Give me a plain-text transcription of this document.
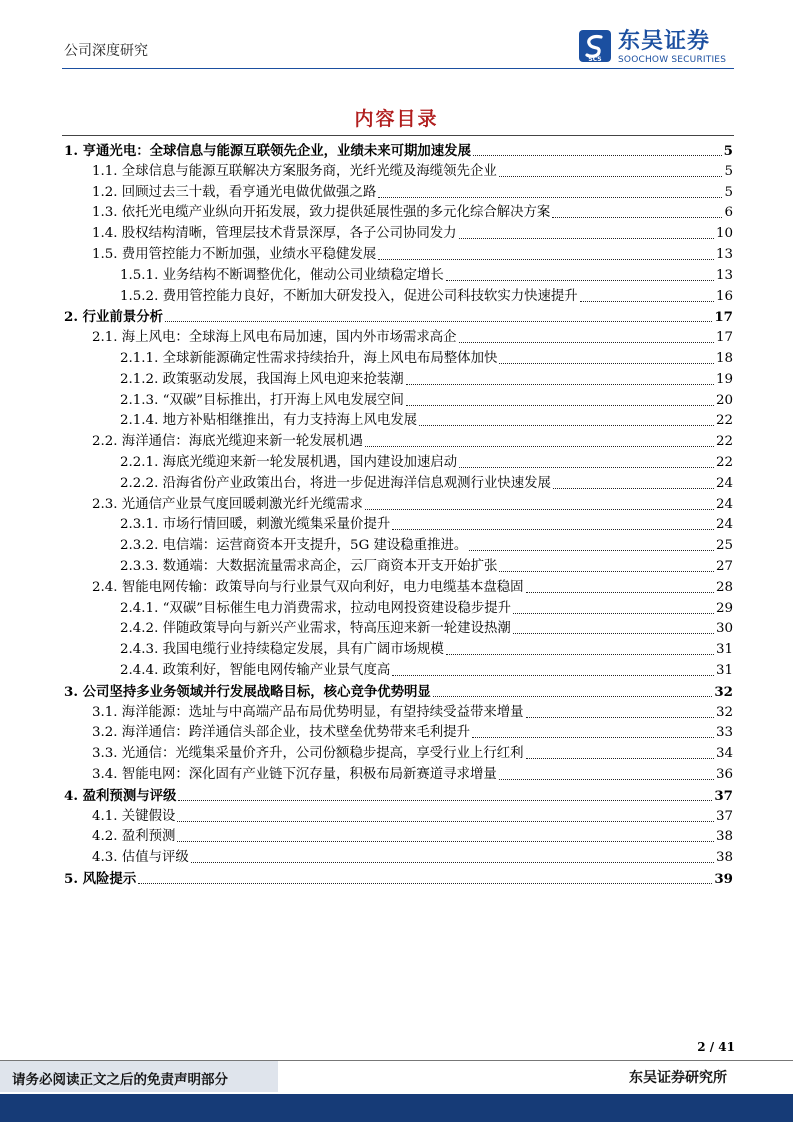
公司深度研究
SCS
东吴证券
SOOCHOW SECURITIES
内容目录
1. 亨通光电：全球信息与能源互联领先企业，业绩未来可期加速发展	5
1.1. 全球信息与能源互联解决方案服务商，光纤光缆及海缆领先企业	5
1.2. 回顾过去三十载，看亨通光电做优做强之路	5
1.3. 依托光电缆产业纵向开拓发展，致力提供延展性强的多元化综合解决方案	6
1.4. 股权结构清晰，管理层技术背景深厚，各子公司协同发力	10
1.5. 费用管控能力不断加强，业绩水平稳健发展	13
1.5.1. 业务结构不断调整优化，催动公司业绩稳定增长	13
1.5.2. 费用管控能力良好，不断加大研发投入，促进公司科技软实力快速提升	16
2. 行业前景分析	17
2.1. 海上风电：全球海上风电布局加速，国内外市场需求高企	17
2.1.1. 全球新能源确定性需求持续抬升，海上风电布局整体加快	18
2.1.2. 政策驱动发展，我国海上风电迎来抢装潮	19
2.1.3. “双碳”目标推出，打开海上风电发展空间	20
2.1.4. 地方补贴相继推出，有力支持海上风电发展	22
2.2. 海洋通信：海底光缆迎来新一轮发展机遇	22
2.2.1. 海底光缆迎来新一轮发展机遇，国内建设加速启动	22
2.2.2. 沿海省份产业政策出台，将进一步促进海洋信息观测行业快速发展	24
2.3. 光通信产业景气度回暖刺激光纤光缆需求	24
2.3.1. 市场行情回暖，刺激光缆集采量价提升	24
2.3.2. 电信端：运营商资本开支提升，5G 建设稳重推进。	25
2.3.3. 数通端：大数据流量需求高企，云厂商资本开支开始扩张	27
2.4. 智能电网传输：政策导向与行业景气双向利好，电力电缆基本盘稳固	28
2.4.1. “双碳”目标催生电力消费需求，拉动电网投资建设稳步提升	29
2.4.2. 伴随政策导向与新兴产业需求，特高压迎来新一轮建设热潮	30
2.4.3. 我国电缆行业持续稳定发展，具有广阔市场规模	31
2.4.4. 政策利好，智能电网传输产业景气度高	31
3. 公司坚持多业务领域并行发展战略目标，核心竞争优势明显	32
3.1. 海洋能源：选址与中高端产品布局优势明显，有望持续受益带来增量	32
3.2. 海洋通信：跨洋通信头部企业，技术壁垒优势带来毛利提升	33
3.3. 光通信：光缆集采量价齐升，公司份额稳步提高，享受行业上行红利	34
3.4. 智能电网：深化固有产业链下沉存量，积极布局新赛道寻求增量	36
4. 盈利预测与评级	37
4.1. 关键假设	37
4.2. 盈利预测	38
4.3. 估值与评级	38
5. 风险提示	39
2 / 41
请务必阅读正文之后的免责声明部分	东吴证券研究所
